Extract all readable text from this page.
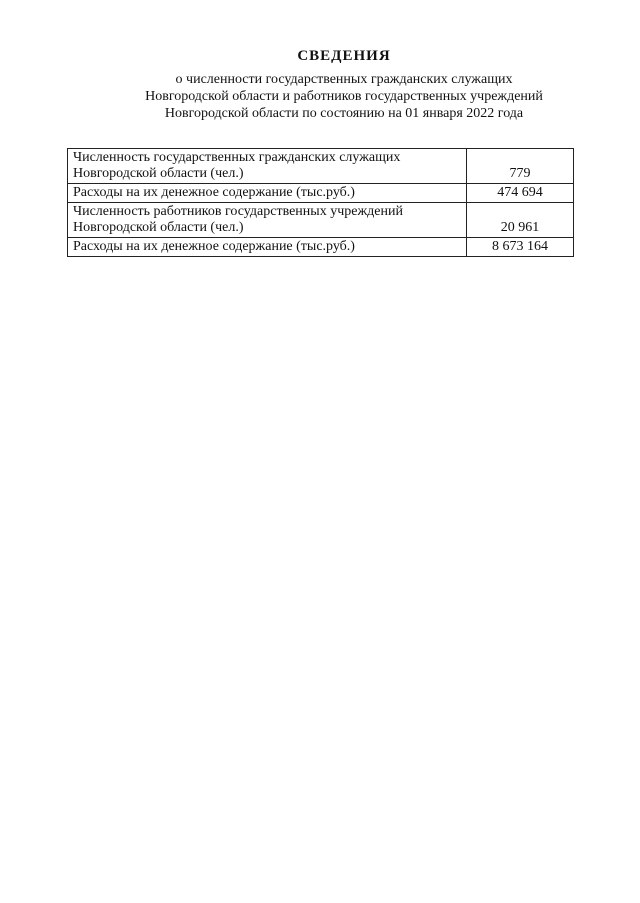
СВЕДЕНИЯ
о численности государственных гражданских служащих
Новгородской области и работников государственных учреждений
Новгородской области по состоянию на 01 января 2022 года
Численность государственных гражданских служащих
Новгородской области (чел.)	779

Расходы на их денежное содержание (тыс.руб.)	474 694

Численность работников государственных учреждений
Новгородской области (чел.)	20 961

Расходы на их денежное содержание (тыс.руб.)	8 673 164
